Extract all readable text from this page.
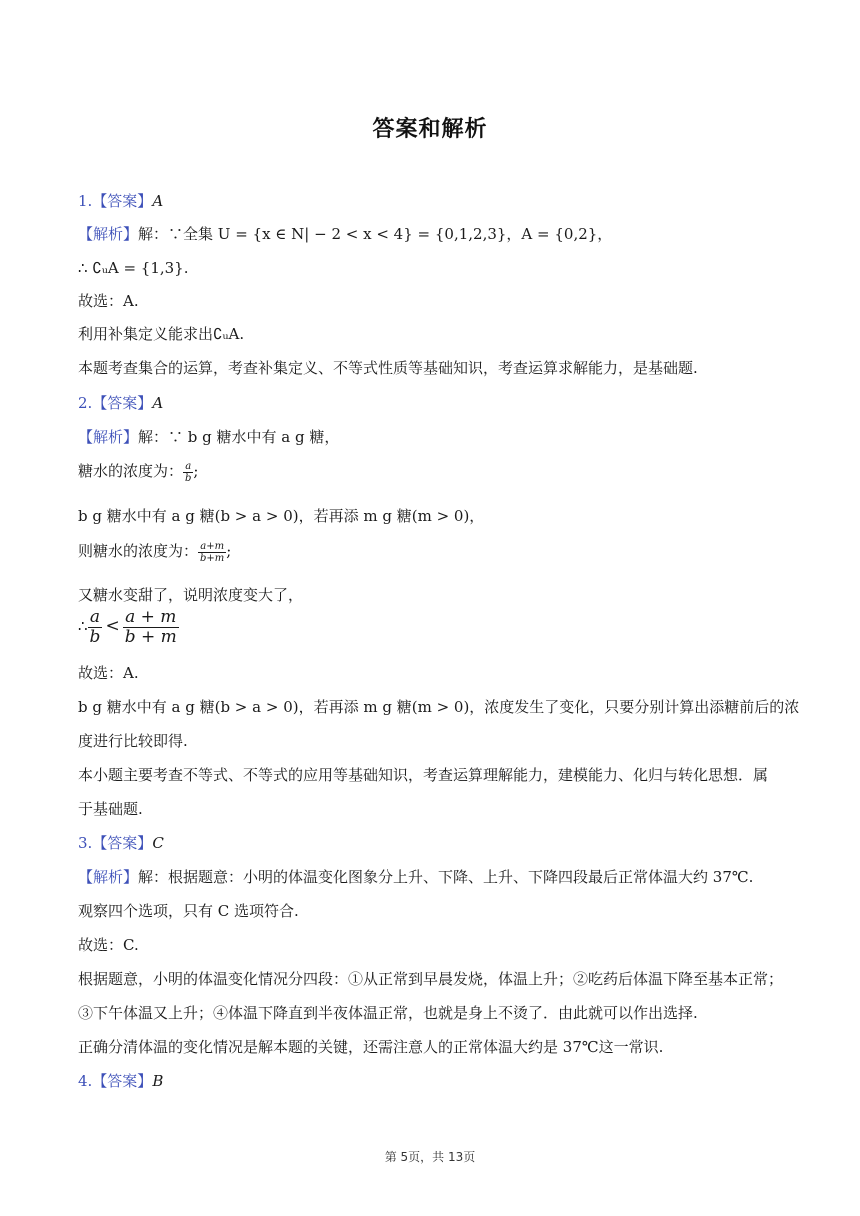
答案和解析
1.【答案】A
【解析】解：∵全集 U = {x ∈ N| − 2 < x < 4} = {0,1,2,3}，A = {0,2}，
∴ ∁ᵤA = {1,3}.
故选：A.
利用补集定义能求出∁ᵤA.
本题考查集合的运算，考查补集定义、不等式性质等基础知识，考查运算求解能力，是基础题.
2.【答案】A
【解析】解：∵ b g 糖水中有 a g 糖，
糖水的浓度为： $\frac{a}{b}$ ;
b g 糖水中有 a g 糖(b > a > 0)，若再添 m g 糖(m > 0)，
则糖水的浓度为： $\frac{a+m}{b+m}$ ;
又糖水变甜了，说明浓度变大了，
∴ $\frac{a}{b} < \frac{a + m}{b + m}$
故选：A.
b g 糖水中有 a g 糖(b > a > 0)，若再添 m g 糖(m > 0)，浓度发生了变化，只要分别计算出添糖前后的浓
度进行比较即得.
本小题主要考查不等式、不等式的应用等基础知识，考查运算理解能力，建模能力、化归与转化思想．属
于基础题.
3.【答案】C
【解析】解：根据题意：小明的体温变化图象分上升、下降、上升、下降四段最后正常体温大约 37℃.
观察四个选项，只有 C 选项符合.
故选：C.
根据题意，小明的体温变化情况分四段：①从正常到早晨发烧，体温上升；②吃药后体温下降至基本正常；
③下午体温又上升；④体温下降直到半夜体温正常，也就是身上不烫了．由此就可以作出选择.
正确分清体温的变化情况是解本题的关键，还需注意人的正常体温大约是 37℃这一常识.
4.【答案】B
第 5页，共 13页
